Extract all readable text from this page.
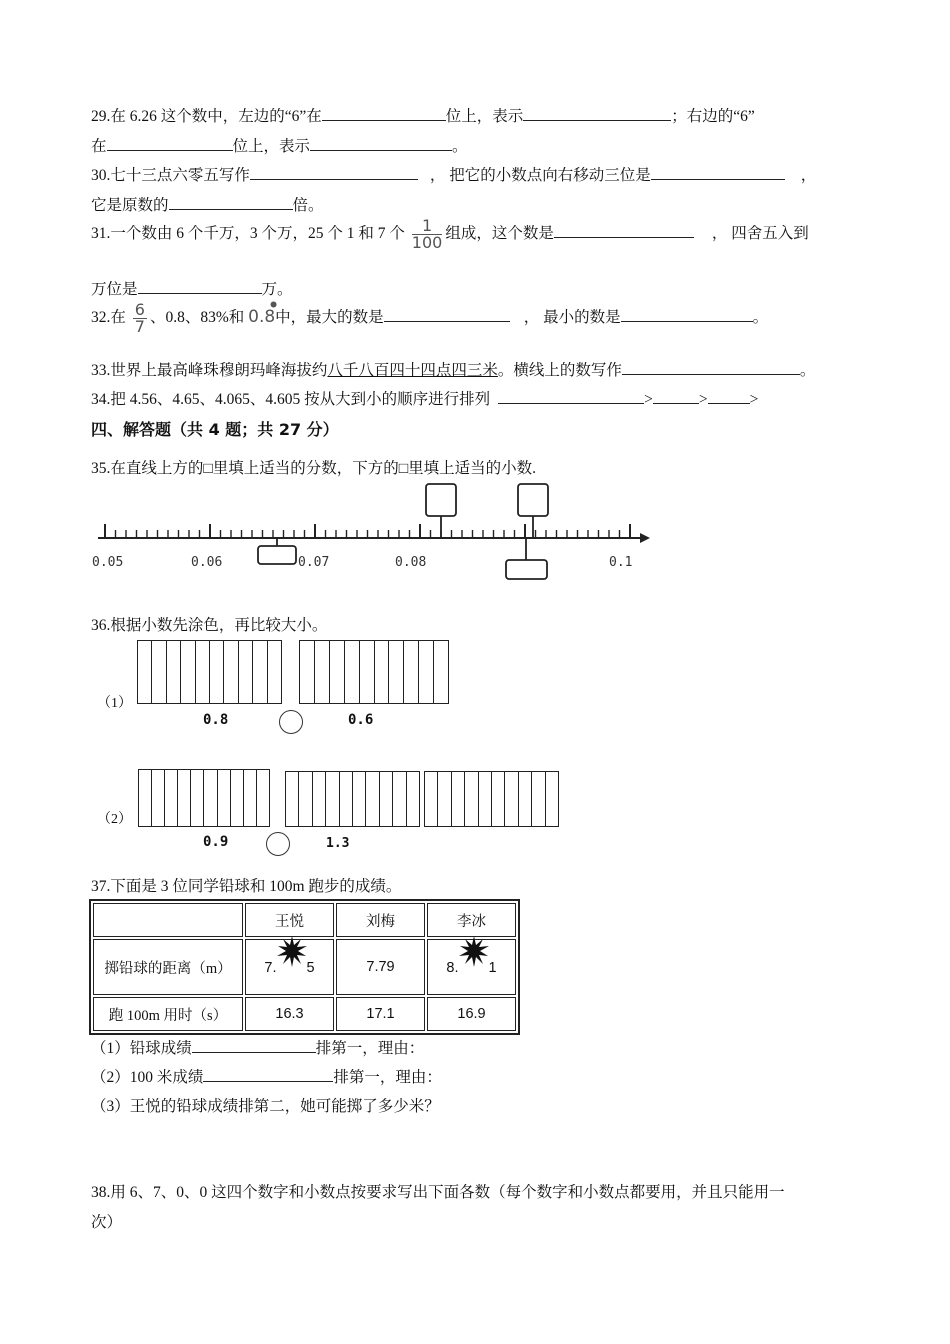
29.在 6.26 这个数中，左边的“6”在	位上，表示	；右边的“6”
在	位上，表示	。
30.七十三点六零五写作	， 把它的小数点向右移动三位是	，
它是原数的	倍。
31.一个数由 6 个千万，3 个万，25 个 1 和 7 个 $\frac{1}{100}$ 组成，这个数是	， 四舍五入到
万位是	万。
32.在 $\frac{6}{7}$ 、0.8、83%和 0.8
•
中，最大的数是	， 最小的数是	。
33.世界上最高峰珠穆朗玛峰海拔约八千八百四十四点四三米。横线上的数写作	。
34.把 4.56、4.65、4.065、4.605 按从大到小的顺序进行排列	>	>	>
四、解答题（共 4 题；共 27 分）
35.在直线上方的□里填上适当的分数，下方的□里填上适当的小数.
0.05	0.06	0.07	0.08	0.1
36.根据小数先涂色，再比较大小。
（1）
0.8	0.6
（2）
0.9	1.3
37.下面是 3 位同学铅球和 100m 跑步的成绩。
	王悦	刘梅	李冰
掷铅球的距离（m）	7. 5	7.79	8. 1
跑 100m 用时（s）	16.3	17.1	16.9
（1）铅球成绩	排第一，理由：
（2）100 米成绩	排第一，理由：
（3）王悦的铅球成绩排第二，她可能掷了多少米？
38.用 6、7、0、0 这四个数字和小数点按要求写出下面各数（每个数字和小数点都要用，并且只能用一
次）
